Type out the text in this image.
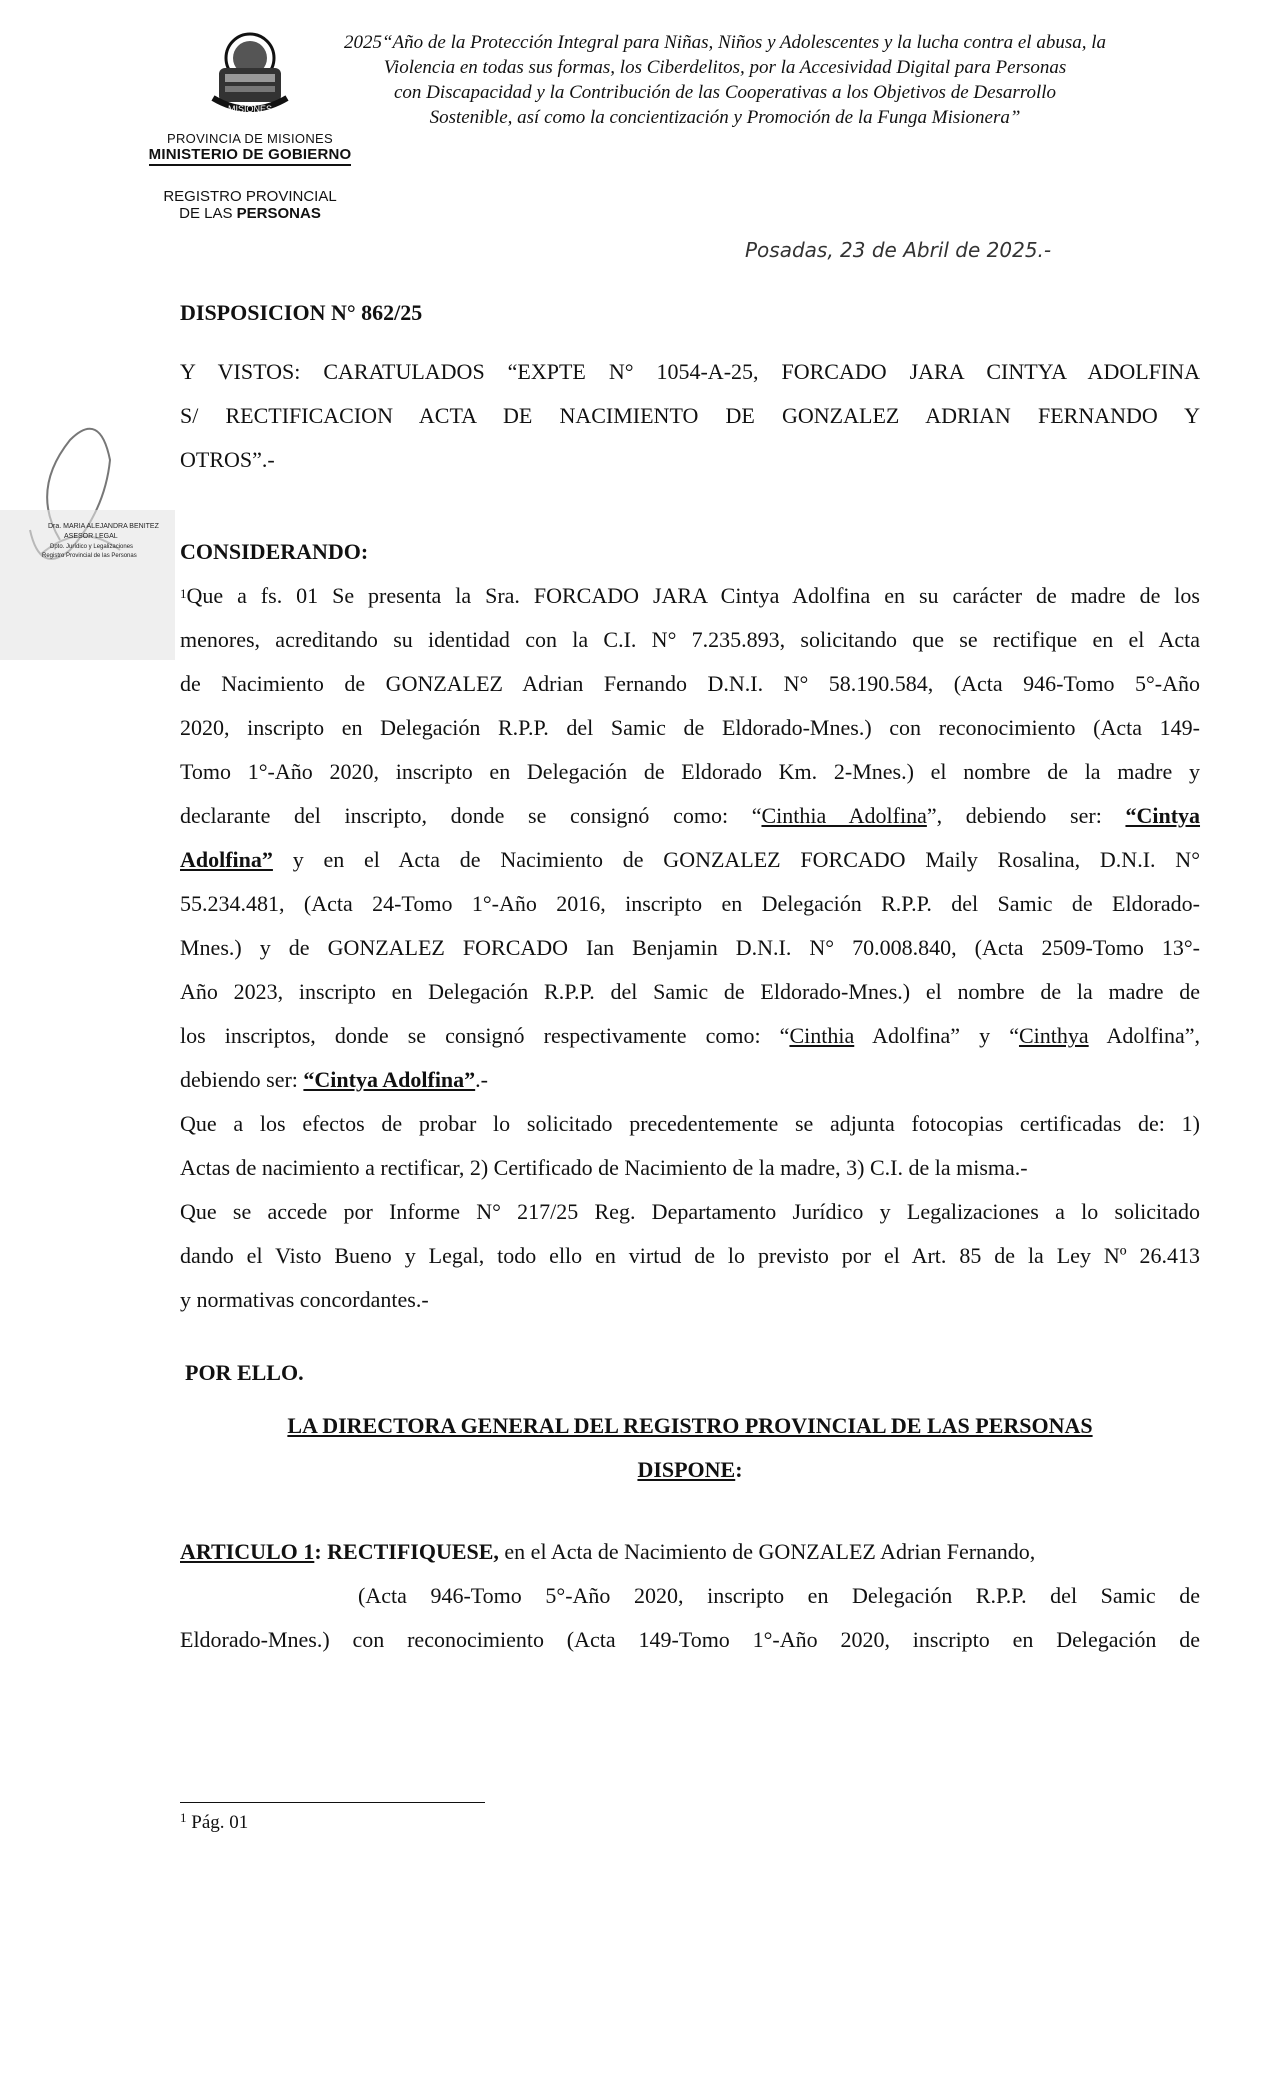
MISIONES
PROVINCIA DE MISIONES
MINISTERIO DE GOBIERNO
REGISTRO PROVINCIAL
DE LAS PERSONAS
2025“Año de la Protección Integral para Niñas, Niños y Adolescentes y la lucha contra el abusa, la
Violencia en todas sus formas, los Ciberdelitos, por la Accesividad Digital para Personas
con Discapacidad y la Contribución de las Cooperativas a los Objetivos de Desarrollo
Sostenible, así como la concientización y Promoción de la Funga Misionera”
Posadas, 23 de Abril de 2025.-
DISPOSICION N° 862/25
Y VISTOS: CARATULADOS “EXPTE N° 1054-A-25, FORCADO JARA CINTYA ADOLFINA
S/ RECTIFICACION ACTA DE NACIMIENTO DE GONZALEZ ADRIAN FERNANDO Y
OTROS”.-
Dra. MARIA ALEJANDRA BENITEZ
ASESOR LEGAL
Dpto. Jurídico y Legalizaciones
Registro Provincial de las Personas CONSIDERANDO:
$^1$Que a fs. 01 Se presenta la Sra. FORCADO JARA Cintya Adolfina en su carácter de madre de los
menores, acreditando su identidad con la C.I. N° 7.235.893, solicitando que se rectifique en el Acta
de Nacimiento de GONZALEZ Adrian Fernando D.N.I. N° 58.190.584, (Acta 946-Tomo 5°-Año
2020, inscripto en Delegación R.P.P. del Samic de Eldorado-Mnes.) con reconocimiento (Acta 149-
Tomo 1°-Año 2020, inscripto en Delegación de Eldorado Km. 2-Mnes.) el nombre de la madre y
declarante del inscripto, donde se consignó como: “Cinthia Adolfina”, debiendo ser: “Cintya
Adolfina” y en el Acta de Nacimiento de GONZALEZ FORCADO Maily Rosalina, D.N.I. N°
55.234.481, (Acta 24-Tomo 1°-Año 2016, inscripto en Delegación R.P.P. del Samic de Eldorado-
Mnes.) y de GONZALEZ FORCADO Ian Benjamin D.N.I. N° 70.008.840, (Acta 2509-Tomo 13°-
Año 2023, inscripto en Delegación R.P.P. del Samic de Eldorado-Mnes.) el nombre de la madre de
los inscriptos, donde se consignó respectivamente como: “Cinthia Adolfina” y “Cinthya Adolfina”,
debiendo ser: “Cintya Adolfina”.-
Que a los efectos de probar lo solicitado precedentemente se adjunta fotocopias certificadas de: 1)
Actas de nacimiento a rectificar, 2) Certificado de Nacimiento de la madre, 3) C.I. de la misma.-
Que se accede por Informe N° 217/25 Reg. Departamento Jurídico y Legalizaciones a lo solicitado
dando el Visto Bueno y Legal, todo ello en virtud de lo previsto por el Art. 85 de la Ley Nº 26.413
y normativas concordantes.-
POR ELLO.
LA DIRECTORA GENERAL DEL REGISTRO PROVINCIAL DE LAS PERSONAS
DISPONE:
ARTICULO 1: RECTIFIQUESE, en el Acta de Nacimiento de GONZALEZ Adrian Fernando,
(Acta 946-Tomo 5°-Año 2020, inscripto en Delegación R.P.P. del Samic de
Eldorado-Mnes.) con reconocimiento (Acta 149-Tomo 1°-Año 2020, inscripto en Delegación de
$^1$ Pág. 01
